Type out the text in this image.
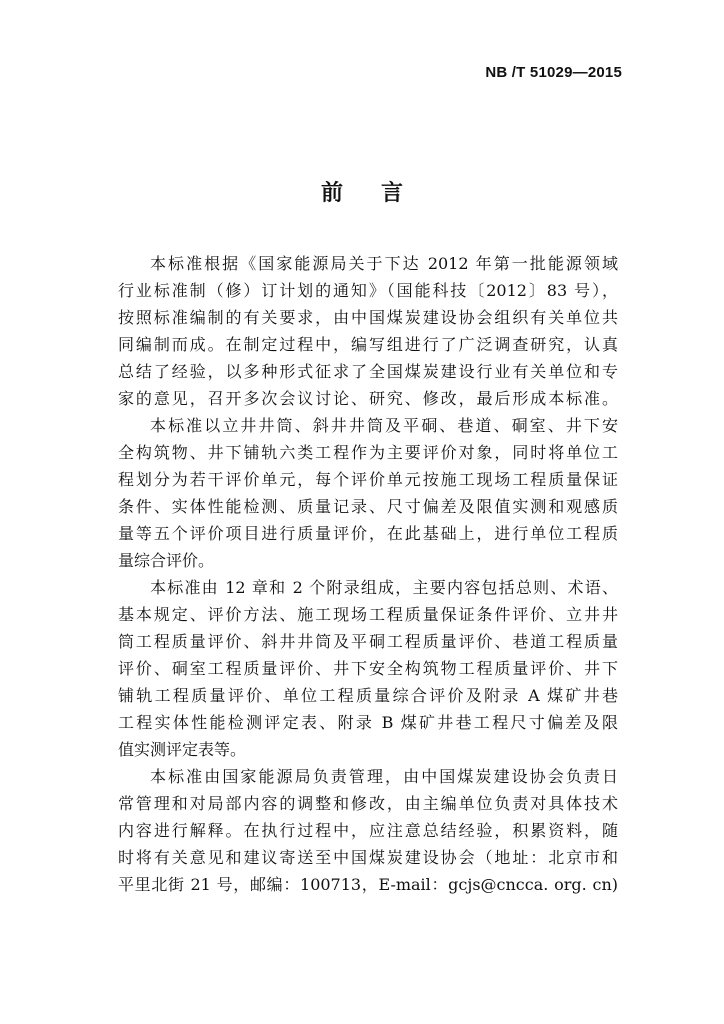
NB /T 51029—2015
前言
本标准根据《国家能源局关于下达 2012 年第一批能源领域
行业标准制（修）订计划的通知》（国能科技〔2012〕83 号），
按照标准编制的有关要求，由中国煤炭建设协会组织有关单位共
同编制而成。在制定过程中，编写组进行了广泛调查研究，认真
总结了经验，以多种形式征求了全国煤炭建设行业有关单位和专
家的意见，召开多次会议讨论、研究、修改，最后形成本标准。
本标准以立井井筒、斜井井筒及平硐、巷道、硐室、井下安
全构筑物、井下铺轨六类工程作为主要评价对象，同时将单位工
程划分为若干评价单元，每个评价单元按施工现场工程质量保证
条件、实体性能检测、质量记录、尺寸偏差及限值实测和观感质
量等五个评价项目进行质量评价，在此基础上，进行单位工程质
量综合评价。
本标准由 12 章和 2 个附录组成，主要内容包括总则、术语、
基本规定、评价方法、施工现场工程质量保证条件评价、立井井
筒工程质量评价、斜井井筒及平硐工程质量评价、巷道工程质量
评价、硐室工程质量评价、井下安全构筑物工程质量评价、井下
铺轨工程质量评价、单位工程质量综合评价及附录 A 煤矿井巷
工程实体性能检测评定表、附录 B 煤矿井巷工程尺寸偏差及限
值实测评定表等。
本标准由国家能源局负责管理，由中国煤炭建设协会负责日
常管理和对局部内容的调整和修改，由主编单位负责对具体技术
内容进行解释。在执行过程中，应注意总结经验，积累资料，随
时将有关意见和建议寄送至中国煤炭建设协会（地址：北京市和
平里北街 21 号，邮编：100713，E-mail：gcjs@cncca. org. cn)
